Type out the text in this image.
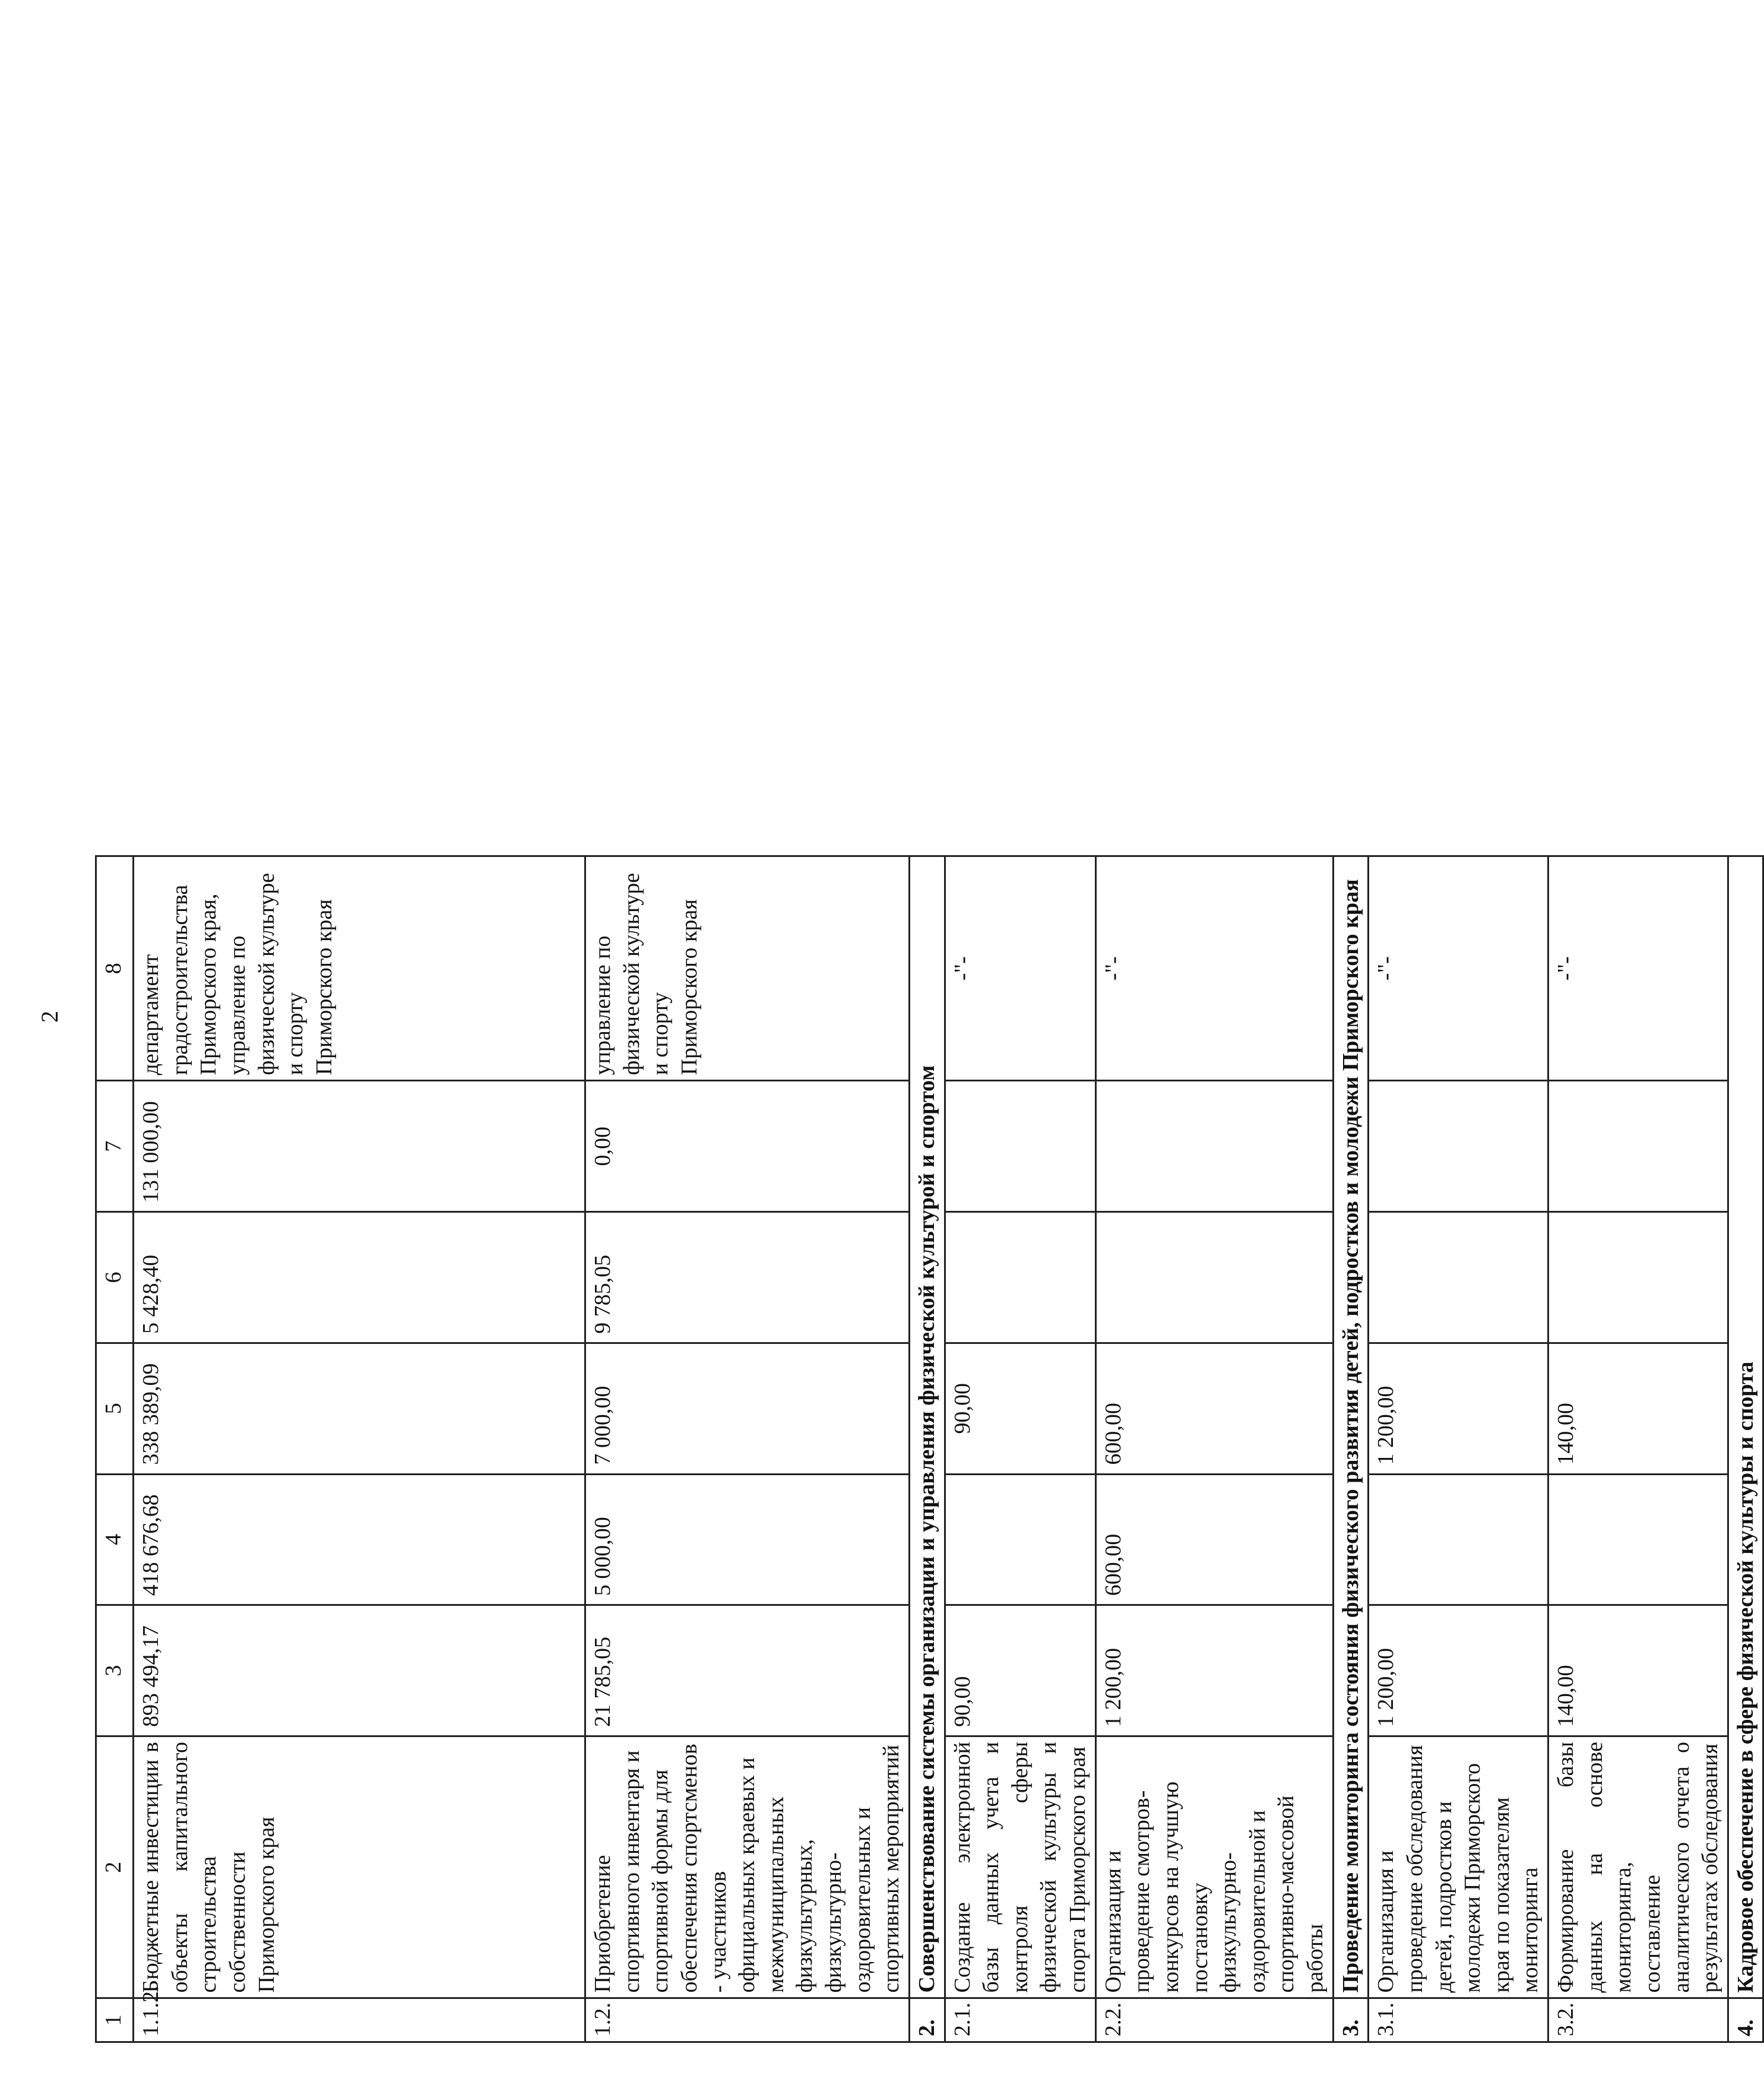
2
1	2	3	4	5	6	7	8
1.1.2.	Бюджетные инвестиции в объекты капитального строительства собственности Приморского края	893 494,17	418 676,68	338 389,09	5 428,40	131 000,00	департамент градостроительства Приморского края, управление по физической культуре и спорту Приморского края
1.2.	Приобретение спортивного инвентаря и спортивной формы для обеспечения спортсменов - участников официальных краевых и межмуниципальных физкультурных, физкультурно-оздоровительных и спортивных мероприятий	21 785,05	5 000,00	7 000,00	9 785,05	0,00	управление по физической культуре и спорту Приморского края
2.	Совершенствование системы организации и управления физической культурой и спортом						
2.1.	Создание электронной базы данных учета и контроля сферы физической культуры и спорта Приморского края	90,00		90,00			-"-
2.2.	Организация и проведение смотров-конкурсов на лучшую постановку физкультурно-оздоровительной и спортивно-массовой работы	1 200,00	600,00	600,00			-"-
3.	Проведение мониторинга состояния физического развития детей, подростков и молодежи Приморского края						
3.1.	Организация и проведение обследования детей, подростков и молодежи Приморского края по показателям мониторинга	1 200,00		1 200,00			-"-
3.2.	Формирование базы данных на основе мониторинга, составление аналитического отчета о результатах обследования	140,00		140,00			-"-
4.	Кадровое обеспечение в сфере физической культуры и спорта						
